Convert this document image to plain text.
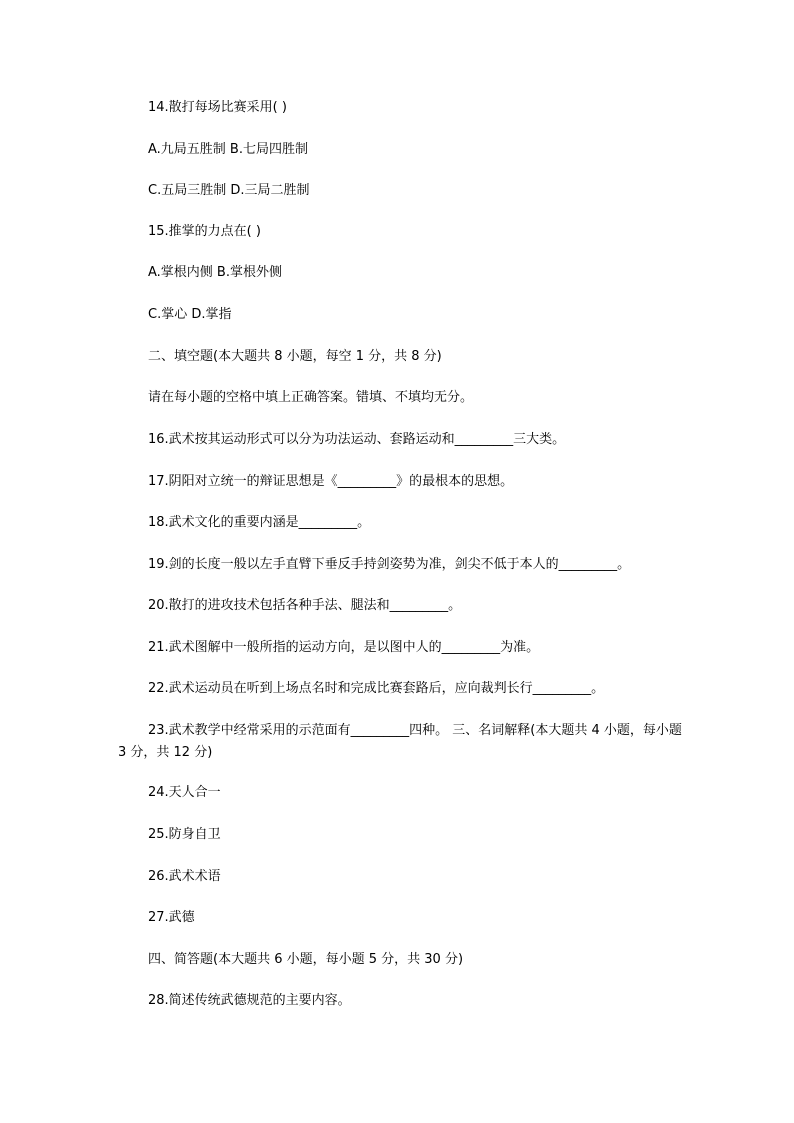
14.散打每场比赛采用( )
A.九局五胜制 B.七局四胜制
C.五局三胜制 D.三局二胜制
15.推掌的力点在( )
A.掌根内侧 B.掌根外侧
C.掌心 D.掌指
二、填空题(本大题共 8 小题，每空 1 分，共 8 分)
请在每小题的空格中填上正确答案。错填、不填均无分。
16.武术按其运动形式可以分为功法运动、套路运动和_________三大类。
17.阴阳对立统一的辩证思想是《_________》的最根本的思想。
18.武术文化的重要内涵是_________。
19.剑的长度一般以左手直臂下垂反手持剑姿势为准，剑尖不低于本人的_________。
20.散打的进攻技术包括各种手法、腿法和_________。
21.武术图解中一般所指的运动方向，是以图中人的_________为准。
22.武术运动员在听到上场点名时和完成比赛套路后，应向裁判长行_________。
23.武术教学中经常采用的示范面有_________四种。 三、名词解释(本大题共 4 小题，每小题 3 分，共 12 分)
24.天人合一
25.防身自卫
26.武术术语
27.武德
四、简答题(本大题共 6 小题，每小题 5 分，共 30 分)
28.简述传统武德规范的主要内容。
